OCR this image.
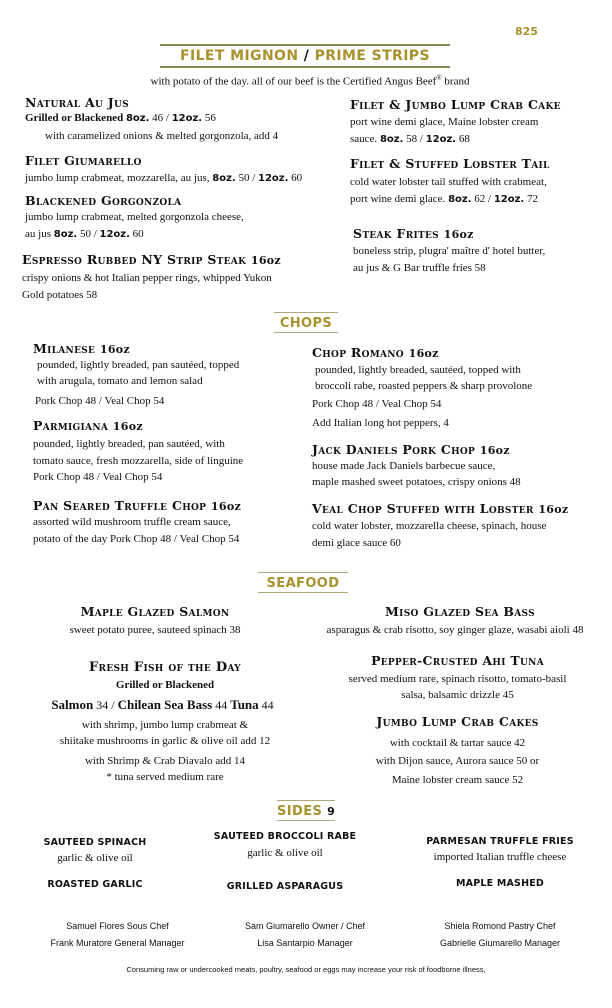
825
FILET MIGNON / PRIME STRIPS
with potato of the day. all of our beef is the Certified Angus Beef® brand
Natural Au Jus
Grilled or Blackened 8oz. 46 / 12oz. 56
with caramelized onions & melted gorgonzola, add 4
Filet Giumarello
jumbo lump crabmeat, mozzarella, au jus, 8oz. 50 / 12oz. 60
Blackened Gorgonzola
jumbo lump crabmeat, melted gorgonzola cheese,
au jus 8oz. 50 / 12oz. 60
Espresso Rubbed NY Strip Steak 16oz
crispy onions & hot Italian pepper rings, whipped Yukon
Gold potatoes 58
Filet & Jumbo Lump Crab Cake
port wine demi glace, Maine lobster cream
sauce. 8oz. 58 / 12oz. 68
Filet & Stuffed Lobster Tail
cold water lobster tail stuffed with crabmeat,
port wine demi glace. 8oz. 62 / 12oz. 72
Steak Frites 16oz
boneless strip, plugra' maître d' hotel butter,
au jus & G Bar truffle fries 58
CHOPS
Milanese 16oz
pounded, lightly breaded, pan sautéed, topped
with arugula, tomato and lemon salad
Pork Chop 48 / Veal Chop 54
Parmigiana 16oz
pounded, lightly breaded, pan sautéed, with
tomato sauce, fresh mozzarella, side of linguine
Pork Chop 48 / Veal Chop 54
Pan Seared Truffle Chop 16oz
assorted wild mushroom truffle cream sauce,
potato of the day Pork Chop 48 / Veal Chop 54
Chop Romano 16oz
pounded, lightly breaded, sautéed, topped with
broccoli rabe, roasted peppers & sharp provolone
Pork Chop 48 / Veal Chop 54
Add Italian long hot peppers, 4
Jack Daniels Pork Chop 16oz
house made Jack Daniels barbecue sauce,
maple mashed sweet potatoes, crispy onions 48
Veal Chop Stuffed with Lobster 16oz
cold water lobster, mozzarella cheese, spinach, house
demi glace sauce 60
SEAFOOD
Maple Glazed Salmon
sweet potato puree, sauteed spinach 38
Fresh Fish of the Day
Grilled or Blackened
Salmon 34 / Chilean Sea Bass 44 Tuna 44
with shrimp, jumbo lump crabmeat &
shiitake mushrooms in garlic & olive oil add 12
with Shrimp & Crab Diavalo add 14
* tuna served medium rare
Miso Glazed Sea Bass
asparagus & crab risotto, soy ginger glaze, wasabi aioli 48
Pepper-Crusted Ahi Tuna
served medium rare, spinach risotto, tomato-basil
salsa, balsamic drizzle 45
Jumbo Lump Crab Cakes
with cocktail & tartar sauce 42
with Dijon sauce, Aurora sauce 50 or
Maine lobster cream sauce 52
SIDES 9
SAUTEED SPINACH
garlic & olive oil
SAUTEED BROCCOLI RABE
garlic & olive oil
PARMESAN TRUFFLE FRIES
imported Italian truffle cheese
ROASTED GARLIC	GRILLED ASPARAGUS	MAPLE MASHED
Samuel Flores Sous Chef
Frank Muratore General Manager
Sam Giumarello Owner / Chef
Lisa Santarpio Manager
Shiela Romond Pastry Chef
Gabrielle Giumarello Manager
Consuming raw or undercooked meats, poultry, seafood or eggs may increase your risk of foodborne illness,
